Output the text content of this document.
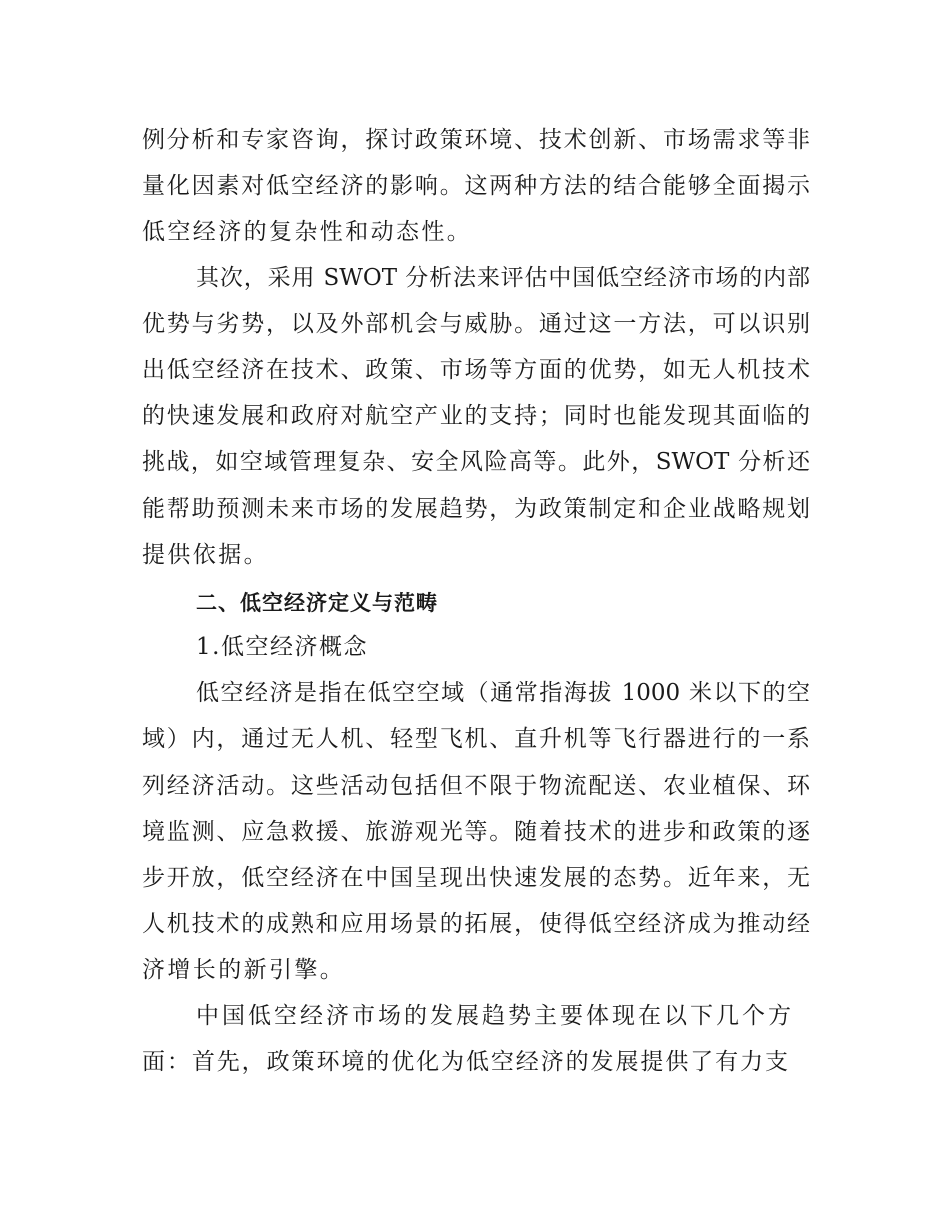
例分析和专家咨询，探讨政策环境、技术创新、市场需求等非
量化因素对低空经济的影响。这两种方法的结合能够全面揭示
低空经济的复杂性和动态性。
其次，采用 SWOT 分析法来评估中国低空经济市场的内部
优势与劣势，以及外部机会与威胁。通过这一方法，可以识别
出低空经济在技术、政策、市场等方面的优势，如无人机技术
的快速发展和政府对航空产业的支持；同时也能发现其面临的
挑战，如空域管理复杂、安全风险高等。此外，SWOT 分析还
能帮助预测未来市场的发展趋势，为政策制定和企业战略规划
提供依据。
二、低空经济定义与范畴
1.低空经济概念
低空经济是指在低空空域（通常指海拔 1000 米以下的空
域）内，通过无人机、轻型飞机、直升机等飞行器进行的一系
列经济活动。这些活动包括但不限于物流配送、农业植保、环
境监测、应急救援、旅游观光等。随着技术的进步和政策的逐
步开放，低空经济在中国呈现出快速发展的态势。近年来，无
人机技术的成熟和应用场景的拓展，使得低空经济成为推动经
济增长的新引擎。
中国低空经济市场的发展趋势主要体现在以下几个方
面：首先，政策环境的优化为低空经济的发展提供了有力支
